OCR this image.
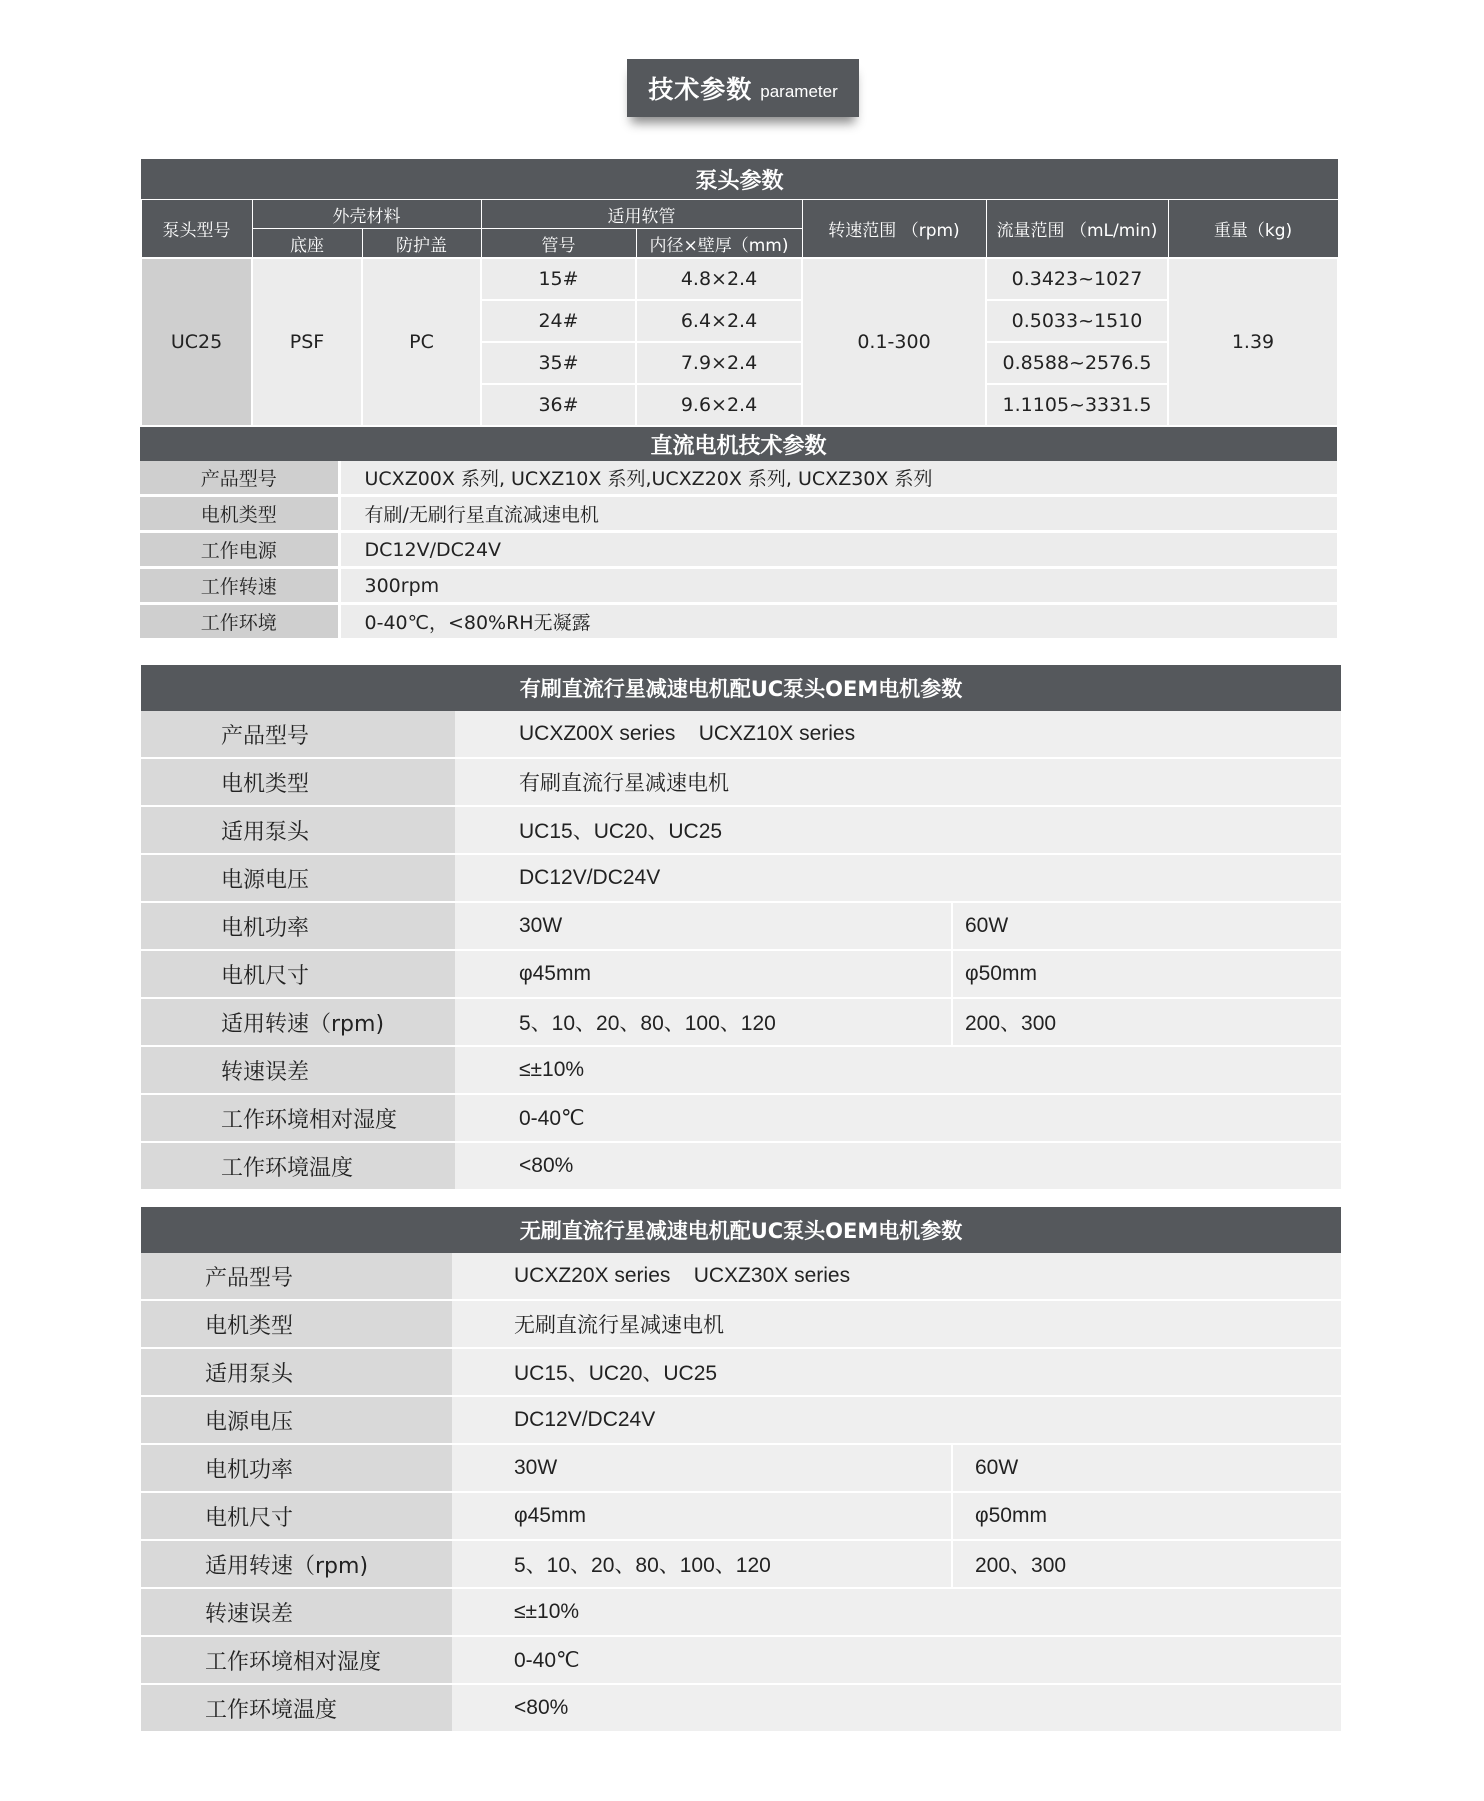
技术参数 parameter
泵头参数							
泵头型号	外壳材料		适用软管		转速范围 （rpm)	流量范围 （mL/min)	重量（kg)
	底座	防护盖	管号	内径×壁厚（mm)			
UC25	PSF	PC	15#	4.8×2.4	0.1-300	0.3423~1027	1.39
			24#	6.4×2.4		0.5033~1510	
			35#	7.9×2.4		0.8588~2576.5	
			36#	9.6×2.4		1.1105~3331.5	
直流电机技术参数	
产品型号	UCXZ00X 系列, UCXZ10X 系列,UCXZ20X 系列, UCXZ30X 系列
电机类型	有刷/无刷行星直流减速电机
工作电源	DC12V/DC24V
工作转速	300rpm
工作环境	0-40℃，<80%RH无凝露
有刷直流行星减速电机配UC泵头OEM电机参数		
产品型号	UCXZ00X series    UCXZ10X series	
电机类型	有刷直流行星减速电机	
适用泵头	UC15、UC20、UC25	
电源电压	DC12V/DC24V	
电机功率	30W	60W
电机尺寸	φ45mm	φ50mm
适用转速（rpm)	5、10、20、80、100、120	200、300
转速误差	≤±10%	
工作环境相对湿度	0-40℃	
工作环境温度	<80%	
无刷直流行星减速电机配UC泵头OEM电机参数		
产品型号	UCXZ20X series    UCXZ30X series	
电机类型	无刷直流行星减速电机	
适用泵头	UC15、UC20、UC25	
电源电压	DC12V/DC24V	
电机功率	30W	60W
电机尺寸	φ45mm	φ50mm
适用转速（rpm)	5、10、20、80、100、120	200、300
转速误差	≤±10%	
工作环境相对湿度	0-40℃	
工作环境温度	<80%	
